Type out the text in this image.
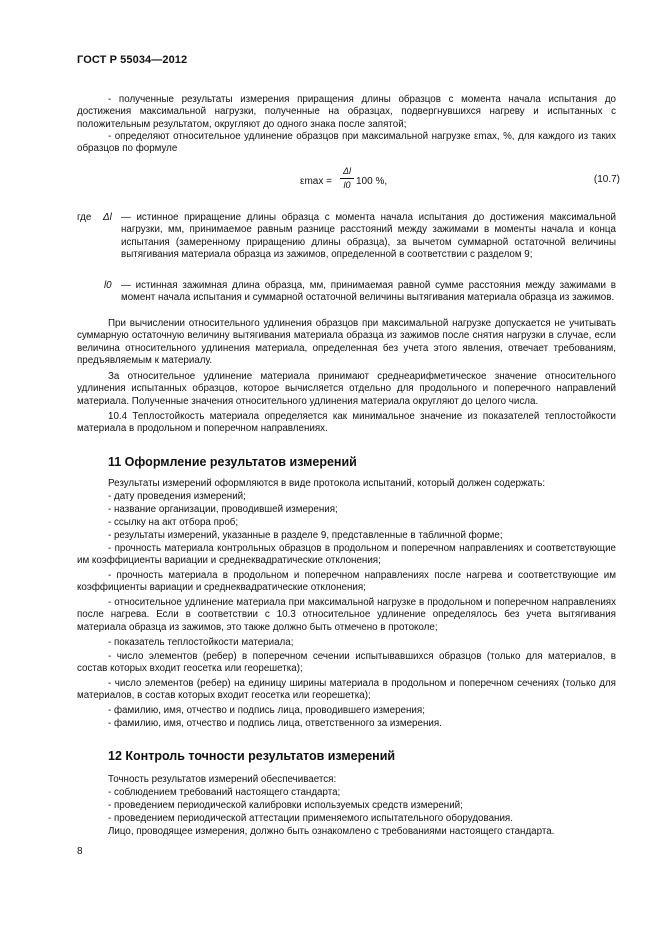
ГОСТ Р 55034—2012

- полученные результаты измерения приращения длины образцов с момента начала испытания до достижения максимальной нагрузки, полученные на образцах, подвергнувшихся нагреву и испытанных с положительным результатом, округляют до одного знака после запятой;

- определяют относительное удлинение образцов при максимальной нагрузке εmax, %, для каждого из таких образцов по формуле

εmax =
Δl
l0 100 %,	(10.7)
где Δl — истинное приращение длины образца с момента начала испытания до достижения максимальной нагрузки, мм, принимаемое равным разнице расстояний между зажимами в моменты начала и конца испытания (замеренному приращению длины образца), за вычетом суммарной остаточной величины вытягивания материала образца из зажимов, определенной в соответствии с разделом 9;

l0 — истинная зажимная длина образца, мм, принимаемая равной сумме расстояния между зажимами в момент начала испытания и суммарной остаточной величины вытягивания материала образца из зажимов.

При вычислении относительного удлинения образцов при максимальной нагрузке допускается не учитывать суммарную остаточную величину вытягивания материала образца из зажимов после снятия нагрузки в случае, если величина относительного удлинения материала, определенная без учета этого явления, отвечает требованиям, предъявляемым к материалу.

За относительное удлинение материала принимают среднеарифметическое значение относительного удлинения испытанных образцов, которое вычисляется отдельно для продольного и поперечного направлений материала. Полученные значения относительного удлинения материала округляют до целого числа.

10.4 Теплостойкость материала определяется как минимальное значение из показателей теплостойкости материала в продольном и поперечном направлениях.

11 Оформление результатов измерений

Результаты измерений оформляются в виде протокола испытаний, который должен содержать:

- дату проведения измерений;

- название организации, проводившей измерения;

- ссылку на акт отбора проб;

- результаты измерений, указанные в разделе 9, представленные в табличной форме;

- прочность материала контрольных образцов в продольном и поперечном направлениях и соответствующие им коэффициенты вариации и среднеквадратические отклонения;

- прочность материала в продольном и поперечном направлениях после нагрева и соответствующие им коэффициенты вариации и среднеквадратические отклонения;

- относительное удлинение материала при максимальной нагрузке в продольном и поперечном направлениях после нагрева. Если в соответствии с 10.3 относительное удлинение определялось без учета вытягивания материала образца из зажимов, это также должно быть отмечено в протоколе;

- показатель теплостойкости материала;

- число элементов (ребер) в поперечном сечении испытывавшихся образцов (только для материалов, в состав которых входит геосетка или георешетка);

- число элементов (ребер) на единицу ширины материала в продольном и поперечном сечениях (только для материалов, в состав которых входит геосетка или георешетка);

- фамилию, имя, отчество и подпись лица, проводившего измерения;

- фамилию, имя, отчество и подпись лица, ответственного за измерения.

12 Контроль точности результатов измерений

Точность результатов измерений обеспечивается:

- соблюдением требований настоящего стандарта;

- проведением периодической калибровки используемых средств измерений;

- проведением периодической аттестации применяемого испытательного оборудования.

Лицо, проводящее измерения, должно быть ознакомлено с требованиями настоящего стандарта.

8
